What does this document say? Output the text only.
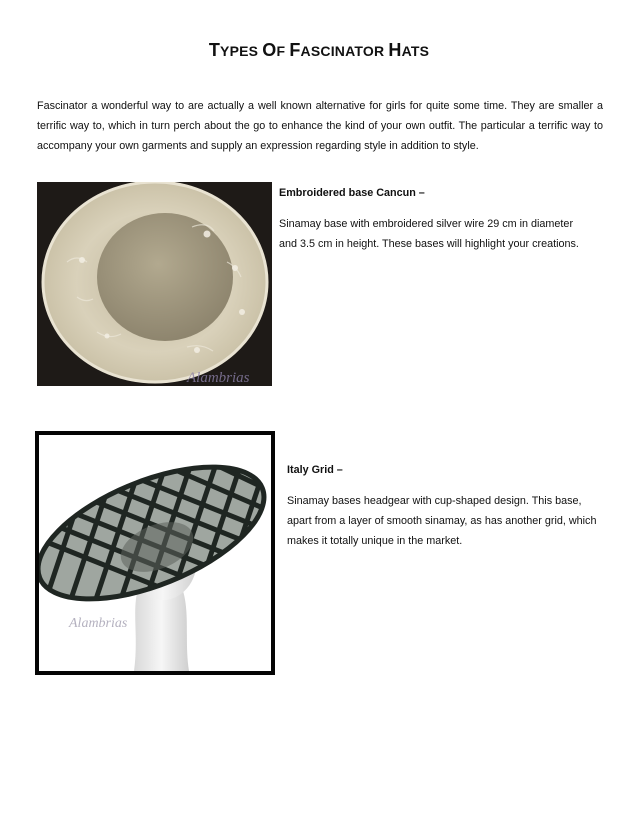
TYPES OF FASCINATOR HATS

Fascinator a wonderful way to are actually a well known alternative for girls for quite some time. They are smaller a terrific way to, which in turn perch about the go to enhance the kind of your own outfit. The particular a terrific way to accompany your own garments and supply an expression regarding style in addition to style.

Alambrias

Embroidered base Cancun –

Sinamay base with embroidered silver wire 29 cm in diameter and 3.5 cm in height. These bases will highlight your creations.

Alambrias

Italy Grid –

Sinamay bases headgear with cup-shaped design. This base, apart from a layer of smooth sinamay, as has another grid, which makes it totally unique in the market.
